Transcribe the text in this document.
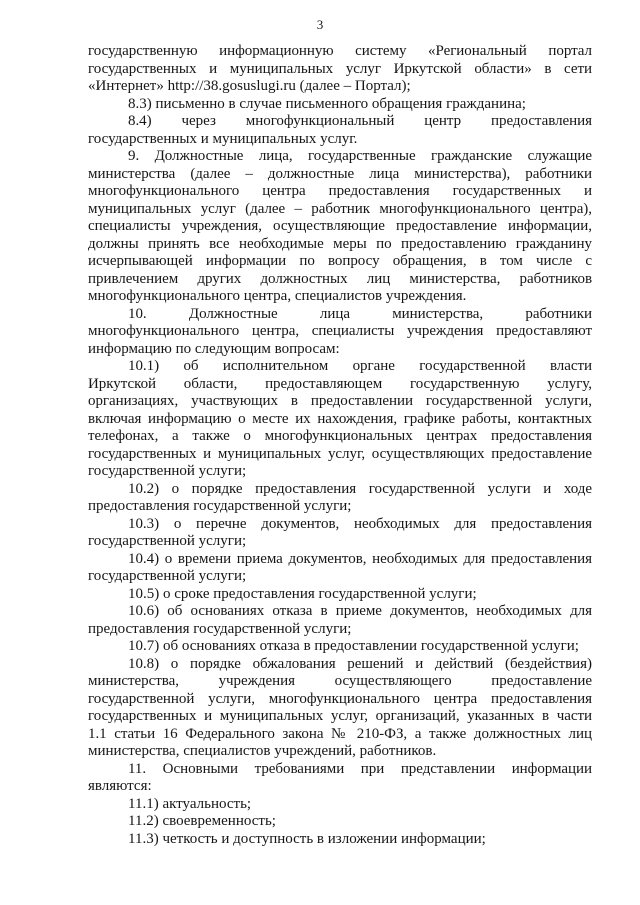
3
государственную информационную систему «Региональный портал
государственных и муниципальных услуг Иркутской области» в сети
«Интернет» http://38.gosuslugi.ru (далее – Портал);
8.3) письменно в случае письменного обращения гражданина;
8.4) через многофункциональный центр предоставления
государственных и муниципальных услуг.
9. Должностные лица, государственные гражданские служащие
министерства (далее – должностные лица министерства), работники
многофункционального центра предоставления государственных и
муниципальных услуг (далее – работник многофункционального центра),
специалисты учреждения, осуществляющие предоставление информации,
должны принять все необходимые меры по предоставлению гражданину
исчерпывающей информации по вопросу обращения, в том числе с
привлечением других должностных лиц министерства, работников
многофункционального центра, специалистов учреждения.
10. Должностные лица министерства, работники
многофункционального центра, специалисты учреждения предоставляют
информацию по следующим вопросам:
10.1) об исполнительном органе государственной власти
Иркутской области, предоставляющем государственную услугу,
организациях, участвующих в предоставлении государственной услуги,
включая информацию о месте их нахождения, графике работы, контактных
телефонах, а также о многофункциональных центрах предоставления
государственных и муниципальных услуг, осуществляющих предоставление
государственной услуги;
10.2) о порядке предоставления государственной услуги и ходе
предоставления государственной услуги;
10.3) о перечне документов, необходимых для предоставления
государственной услуги;
10.4) о времени приема документов, необходимых для предоставления
государственной услуги;
10.5) о сроке предоставления государственной услуги;
10.6) об основаниях отказа в приеме документов, необходимых для
предоставления государственной услуги;
10.7) об основаниях отказа в предоставлении государственной услуги;
10.8) о порядке обжалования решений и действий (бездействия)
министерства, учреждения осуществляющего предоставление
государственной услуги, многофункционального центра предоставления
государственных и муниципальных услуг, организаций, указанных в части
1.1 статьи 16 Федерального закона № 210-ФЗ, а также должностных лиц
министерства, специалистов учреждений, работников.
11. Основными требованиями при представлении информации
являются:
11.1) актуальность;
11.2) своевременность;
11.3) четкость и доступность в изложении информации;
